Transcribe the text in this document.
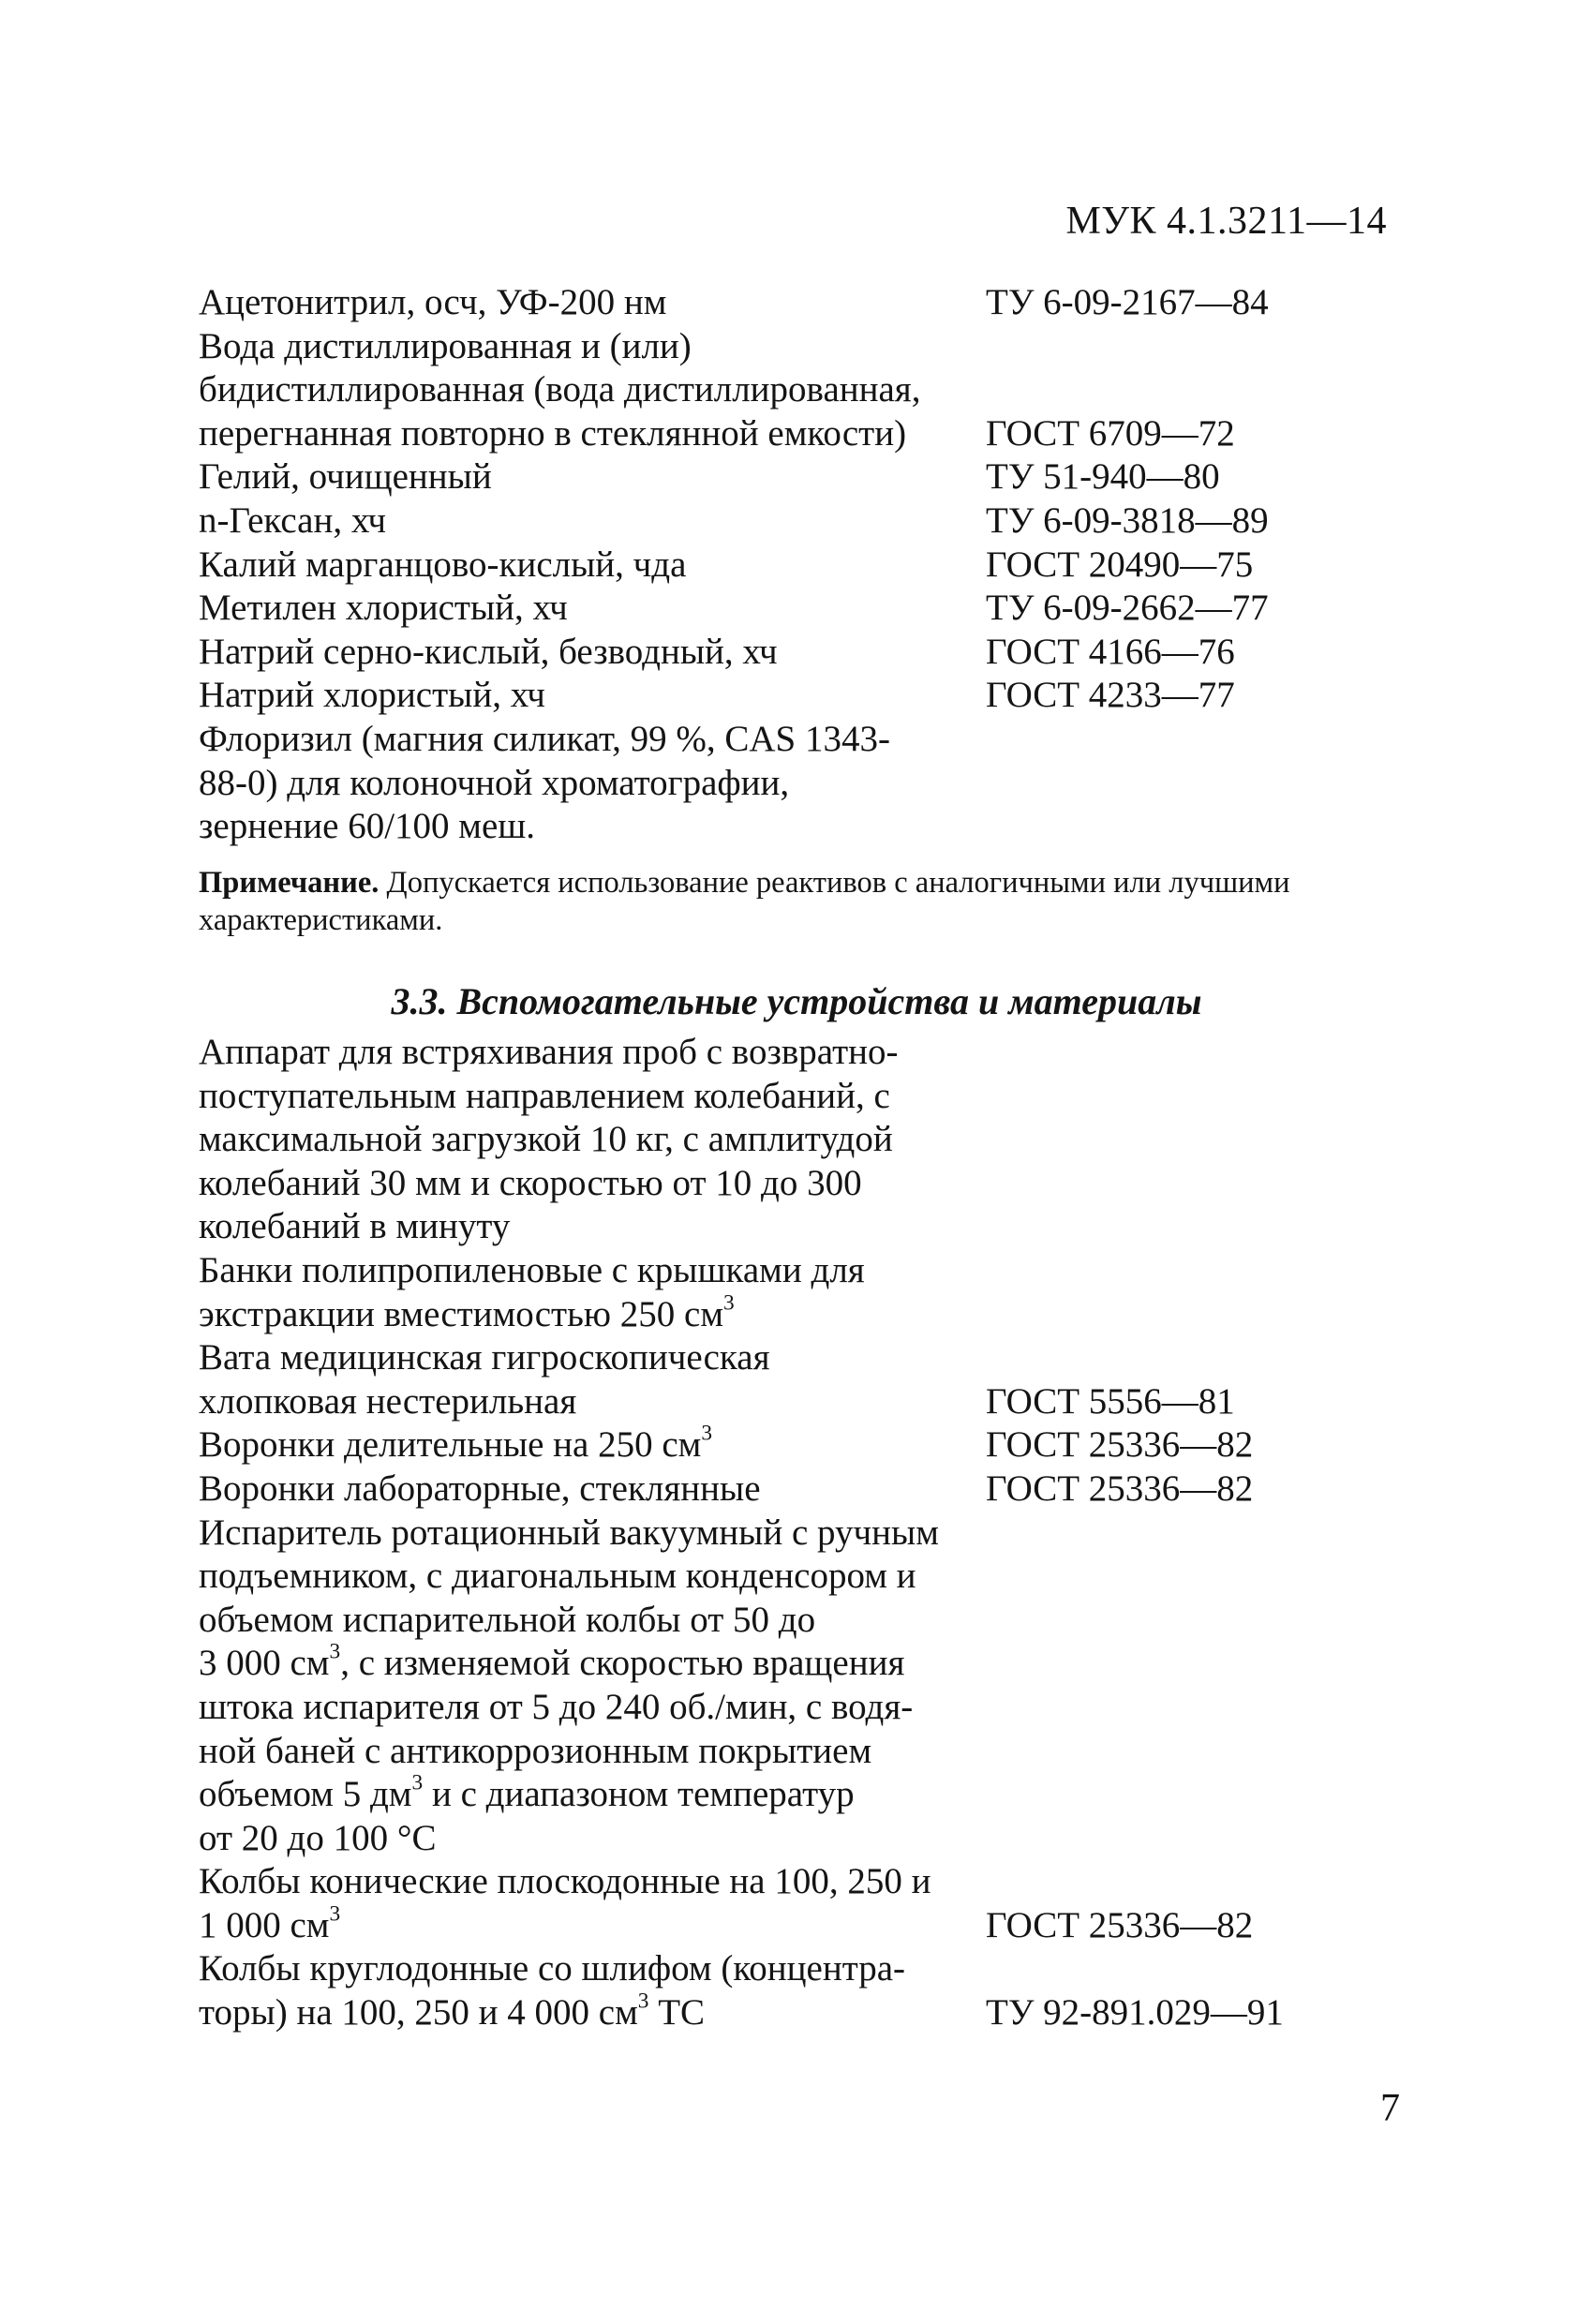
МУК 4.1.3211—14
Ацетонитрил, осч, УФ-200 нм	ТУ 6-09-2167—84
Вода дистиллированная и (или)
бидистиллированная (вода дистиллированная,
перегнанная повторно в стеклянной емкости)	ГОСТ 6709—72
Гелий, очищенный	ТУ 51-940—80
n-Гексан, хч	ТУ 6-09-3818—89
Калий марганцово-кислый, чда	ГОСТ 20490—75
Метилен хлористый, хч	ТУ 6-09-2662—77
Натрий серно-кислый, безводный, хч	ГОСТ 4166—76
Натрий хлористый, хч	ГОСТ 4233—77
Флоризил (магния силикат, 99 %, CAS 1343-
88-0) для колоночной хроматографии,
зернение 60/100 меш.
Примечание. Допускается использование реактивов с аналогичными или лучшими характеристиками.
3.3. Вспомогательные устройства и материалы
Аппарат для встряхивания проб с возвратно-
поступательным направлением колебаний, с
максимальной загрузкой 10 кг, с амплитудой
колебаний 30 мм и скоростью от 10 до 300
колебаний в минуту
Банки полипропиленовые с крышками для
экстракции вместимостью 250 $см^3$
Вата медицинская гигроскопическая
хлопковая нестерильная	ГОСТ 5556—81
Воронки делительные на 250 $см^3$	ГОСТ 25336—82
Воронки лабораторные, стеклянные	ГОСТ 25336—82
Испаритель ротационный вакуумный с ручным
подъемником, с диагональным конденсором и
объемом испарительной колбы от 50 до
3 000 $см^3$, с изменяемой скоростью вращения
штока испарителя от 5 до 240 об./мин, с водя-
ной баней с антикоррозионным покрытием
объемом 5 $дм^3$ и с диапазоном температур
от 20 до 100 °С
Колбы конические плоскодонные на 100, 250 и
1 000 $см^3$	ГОСТ 25336—82
Колбы круглодонные со шлифом (концентра-
торы) на 100, 250 и 4 000 $см^3$ ТС	ТУ 92-891.029—91
7
